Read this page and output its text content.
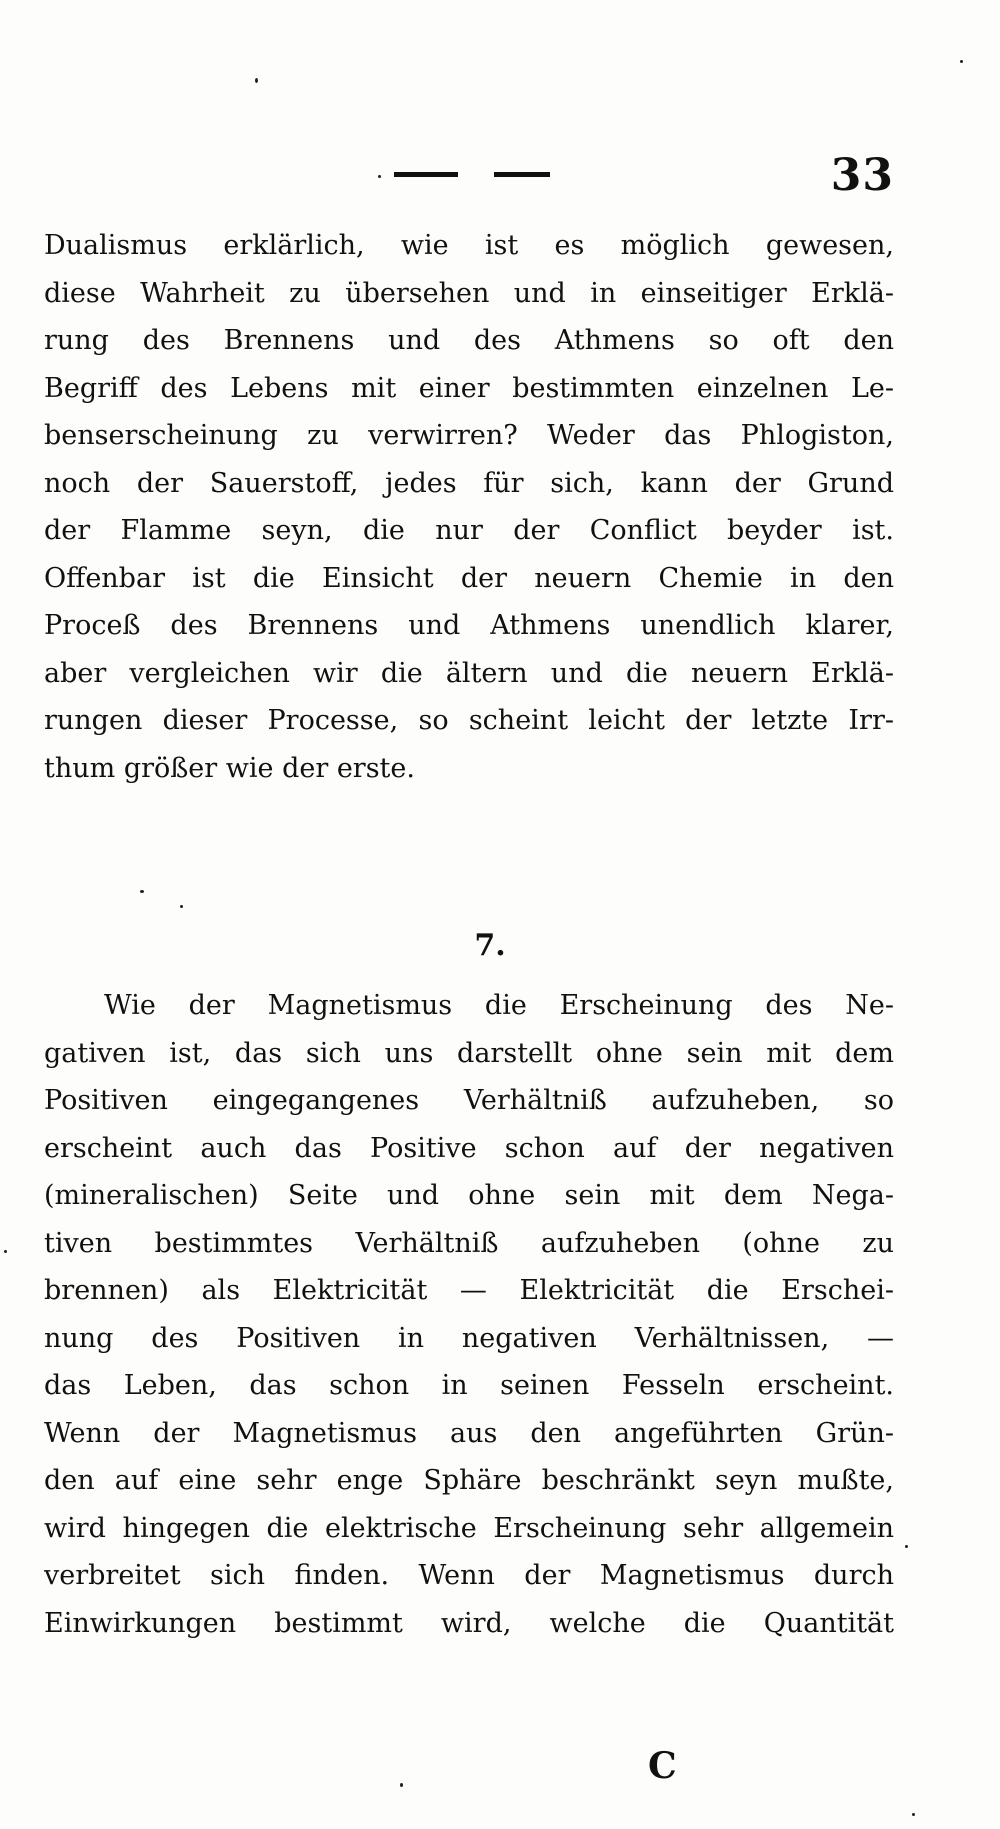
33
Dualismus erklärlich, wie ist es möglich gewesen,
diese Wahrheit zu übersehen und in einseitiger Erklä-
rung des Brennens und des Athmens so oft den
Begriff des Lebens mit einer bestimmten einzelnen Le-
benserscheinung zu verwirren? Weder das Phlogiston,
noch der Sauerstoff, jedes für sich, kann der Grund
der Flamme seyn, die nur der Conflict beyder ist.
Offenbar ist die Einsicht der neuern Chemie in den
Proceß des Brennens und Athmens unendlich klarer,
aber vergleichen wir die ältern und die neuern Erklä-
rungen dieser Processe, so scheint leicht der letzte Irr-
thum größer wie der erste.
7.
Wie der Magnetismus die Erscheinung des Ne-
gativen ist, das sich uns darstellt ohne sein mit dem
Positiven eingegangenes Verhältniß aufzuheben, so
erscheint auch das Positive schon auf der negativen
(mineralischen) Seite und ohne sein mit dem Nega-
tiven bestimmtes Verhältniß aufzuheben (ohne zu
brennen) als Elektricität — Elektricität die Erschei-
nung des Positiven in negativen Verhältnissen, —
das Leben, das schon in seinen Fesseln erscheint.
Wenn der Magnetismus aus den angeführten Grün-
den auf eine sehr enge Sphäre beschränkt seyn mußte,
wird hingegen die elektrische Erscheinung sehr allgemein
verbreitet sich finden. Wenn der Magnetismus durch
Einwirkungen bestimmt wird, welche die Quantität
C
